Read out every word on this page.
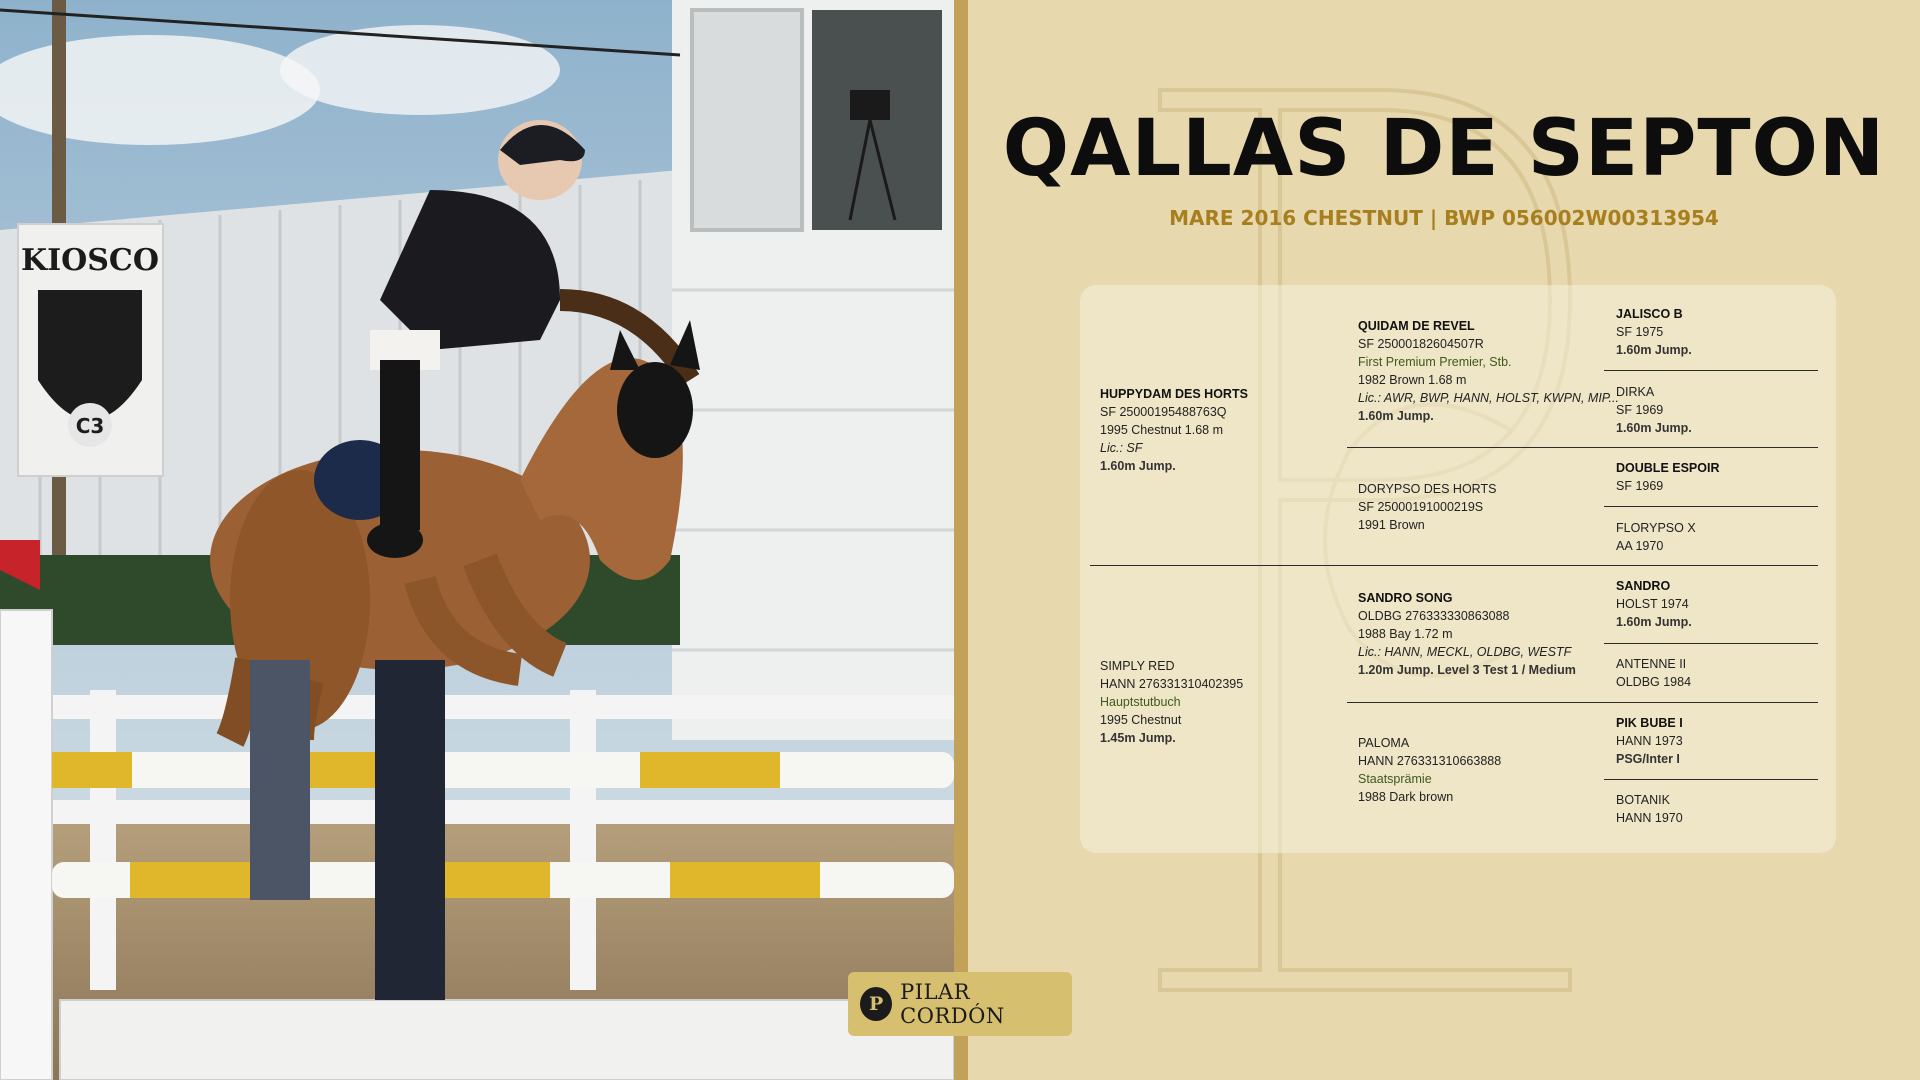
KIOSCO
C3
QALLAS DE SEPTON
MARE 2016 CHESTNUT | BWP 056002W00313954
HUPPYDAM DES HORTS
SF 25000195488763Q
1995 Chestnut 1.68 m
Lic.: SF
1.60m Jump.
SIMPLY RED
HANN 276331310402395
Hauptstutbuch
1995 Chestnut
1.45m Jump.
QUIDAM DE REVEL
SF 25000182604507R
First Premium Premier, Stb.
1982 Brown 1.68 m
Lic.: AWR, BWP, HANN, HOLST, KWPN, MIP...
1.60m Jump.
DORYPSO DES HORTS
SF 25000191000219S
1991 Brown
SANDRO SONG
OLDBG 276333330863088
1988 Bay 1.72 m
Lic.: HANN, MECKL, OLDBG, WESTF
1.20m Jump. Level 3 Test 1 / Medium
PALOMA
HANN 276331310663888
Staatsprämie
1988 Dark brown
JALISCO B
SF 1975
1.60m Jump.
DIRKA
SF 1969
1.60m Jump.
DOUBLE ESPOIR
SF 1969
FLORYPSO X
AA 1970
SANDRO
HOLST 1974
1.60m Jump.
ANTENNE II
OLDBG 1984
PIK BUBE I
HANN 1973
PSG/Inter I
BOTANIK
HANN 1970
P PILAR CORDÓN
